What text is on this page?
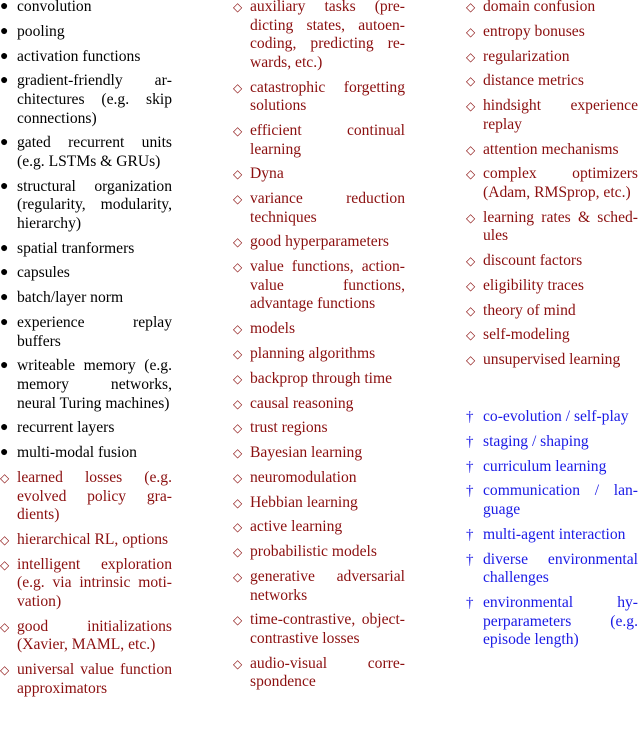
● convolution
● pooling
● activation functions
● gradient-friendly architectures (e.g. skip connections)
● gated recurrent units (e.g. LSTMs & GRUs)
● structural organization (regularity, modularity, hierarchy)
● spatial tranformers
● capsules
● batch/layer norm
● experience replay buffers
● writeable memory (e.g. memory networks, neural Turing machines)
● recurrent layers
● multi-modal fusion
◇ learned losses (e.g. evolved policy gradients)
◇ hierarchical RL, options
◇ intelligent exploration (e.g. via intrinsic motivation)
◇ good initializations (Xavier, MAML, etc.)
◇ universal value function approximators
◇ auxiliary tasks (predicting states, autoencoding, predicting rewards, etc.)
◇ catastrophic forgetting solutions
◇ efficient continual learning
◇ Dyna
◇ variance reduction techniques
◇ good hyperparameters
◇ value functions, action-value functions, advantage functions
◇ models
◇ planning algorithms
◇ backprop through time
◇ causal reasoning
◇ trust regions
◇ Bayesian learning
◇ neuromodulation
◇ Hebbian learning
◇ active learning
◇ probabilistic models
◇ generative adversarial networks
◇ time-contrastive, object-contrastive losses
◇ audio-visual correspondence
◇ domain confusion
◇ entropy bonuses
◇ regularization
◇ distance metrics
◇ hindsight experience replay
◇ attention mechanisms
◇ complex optimizers (Adam, RMSprop, etc.)
◇ learning rates & schedules
◇ discount factors
◇ eligibility traces
◇ theory of mind
◇ self-modeling
◇ unsupervised learning
† co-evolution / self-play
† staging / shaping
† curriculum learning
† communication / language
† multi-agent interaction
† diverse environmental challenges
† environmental hyperparameters (e.g. episode length)
